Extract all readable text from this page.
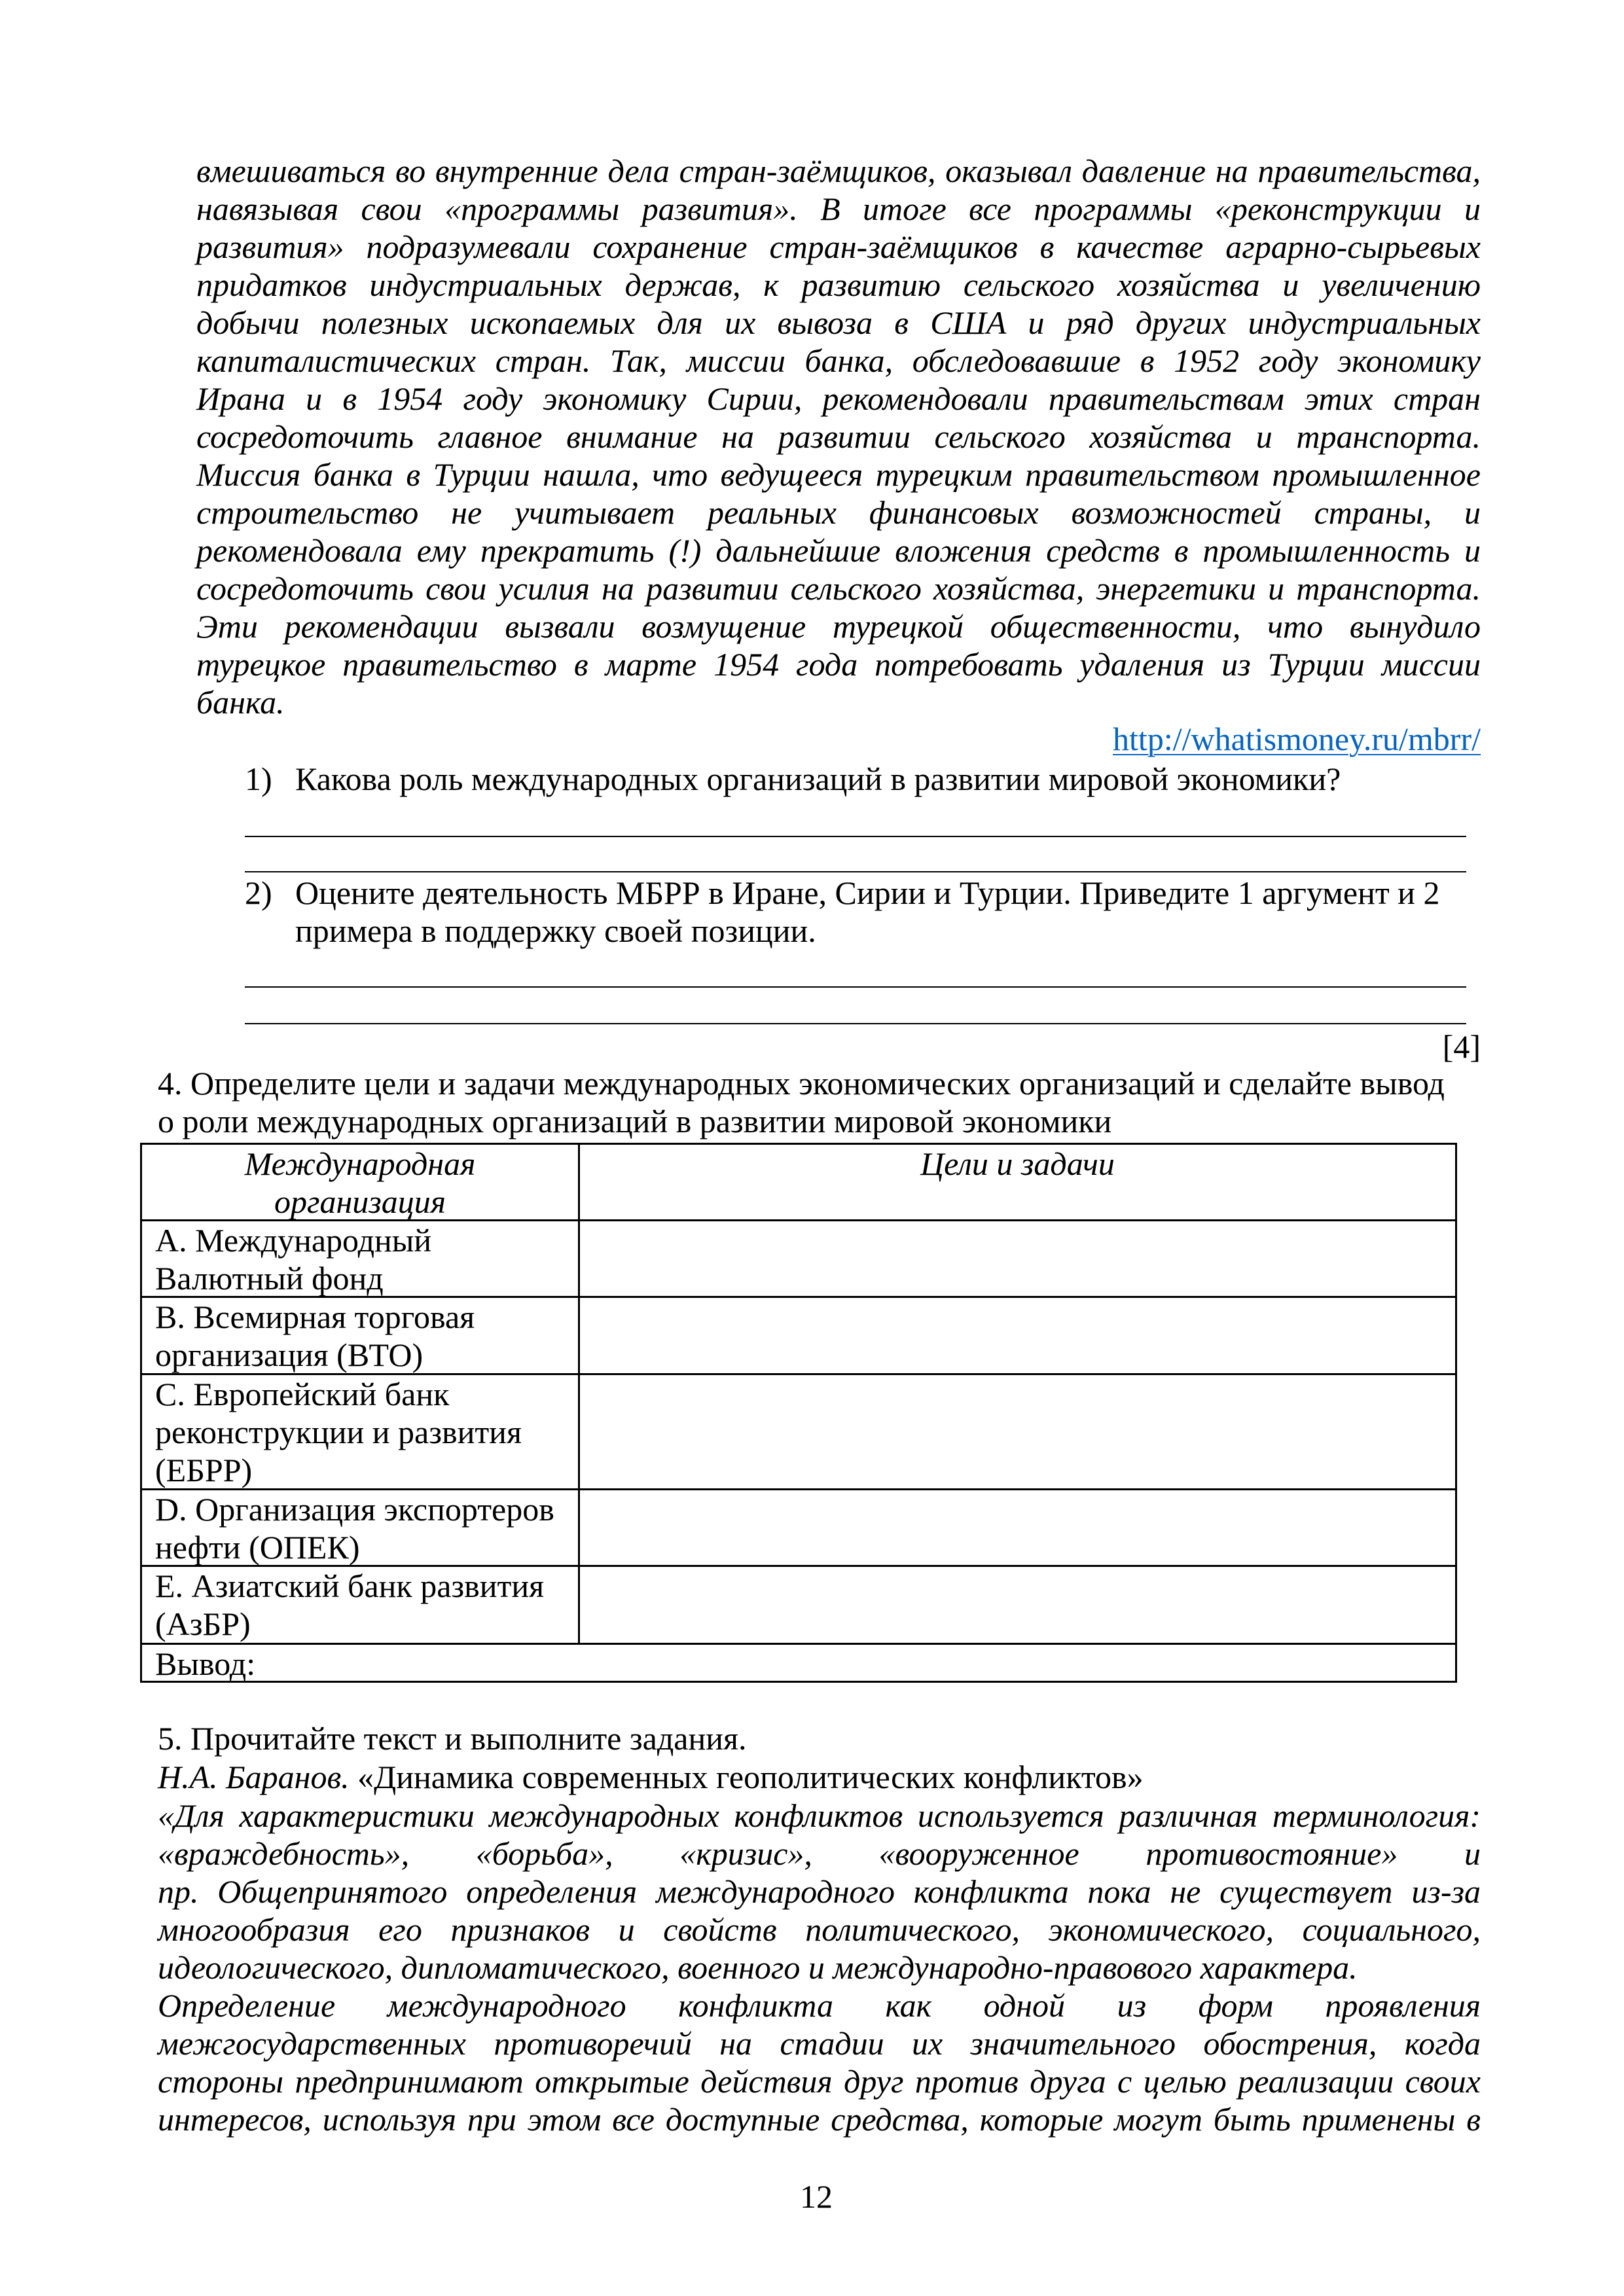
вмешиваться во внутренние дела стран-заёмщиков, оказывал давление на правительства,
навязывая свои «программы развития». В итоге все программы «реконструкции и
развития» подразумевали сохранение стран-заёмщиков в качестве аграрно-сырьевых
придатков индустриальных держав, к развитию сельского хозяйства и увеличению
добычи полезных ископаемых для их вывоза в США и ряд других индустриальных
капиталистических стран. Так, миссии банка, обследовавшие в 1952 году экономику
Ирана и в 1954 году экономику Сирии, рекомендовали правительствам этих стран
сосредоточить главное внимание на развитии сельского хозяйства и транспорта.
Миссия банка в Турции нашла, что ведущееся турецким правительством промышленное
строительство не учитывает реальных финансовых возможностей страны, и
рекомендовала ему прекратить (!) дальнейшие вложения средств в промышленность и
сосредоточить свои усилия на развитии сельского хозяйства, энергетики и транспорта.
Эти рекомендации вызвали возмущение турецкой общественности, что вынудило
турецкое правительство в марте 1954 года потребовать удаления из Турции миссии
банка.
http://whatismoney.ru/mbrr/
1) Какова роль международных организаций в развитии мировой экономики?
2) Оцените деятельность МБРР в Иране, Сирии и Турции. Приведите 1 аргумент и 2
примера в поддержку своей позиции.
[4]
4. Определите цели и задачи международных экономических организаций и сделайте вывод
о роли международных организаций в развитии мировой экономики
Международная
организация
Цели и задачи
A. Международный
Валютный фонд
B. Всемирная торговая
организация (ВТО)
C. Европейский банк
реконструкции и развития
(ЕБРР)
D. Организация экспортеров
нефти (ОПЕК)
E. Азиатский банк развития
(АзБР)
Вывод:
5. Прочитайте текст и выполните задания.
Н.А. Баранов. «Динамика современных геополитических конфликтов»
«Для характеристики международных конфликтов используется различная терминология:
«враждебность», «борьба», «кризис», «вооруженное противостояние» и
пр. Общепринятого определения международного конфликта пока не существует из-за
многообразия его признаков и свойств политического, экономического, социального,
идеологического, дипломатического, военного и международно-правового характера.
Определение международного конфликта как одной из форм проявления
межгосударственных противоречий на стадии их значительного обострения, когда
стороны предпринимают открытые действия друг против друга с целью реализации своих
интересов, используя при этом все доступные средства, которые могут быть применены в
12
